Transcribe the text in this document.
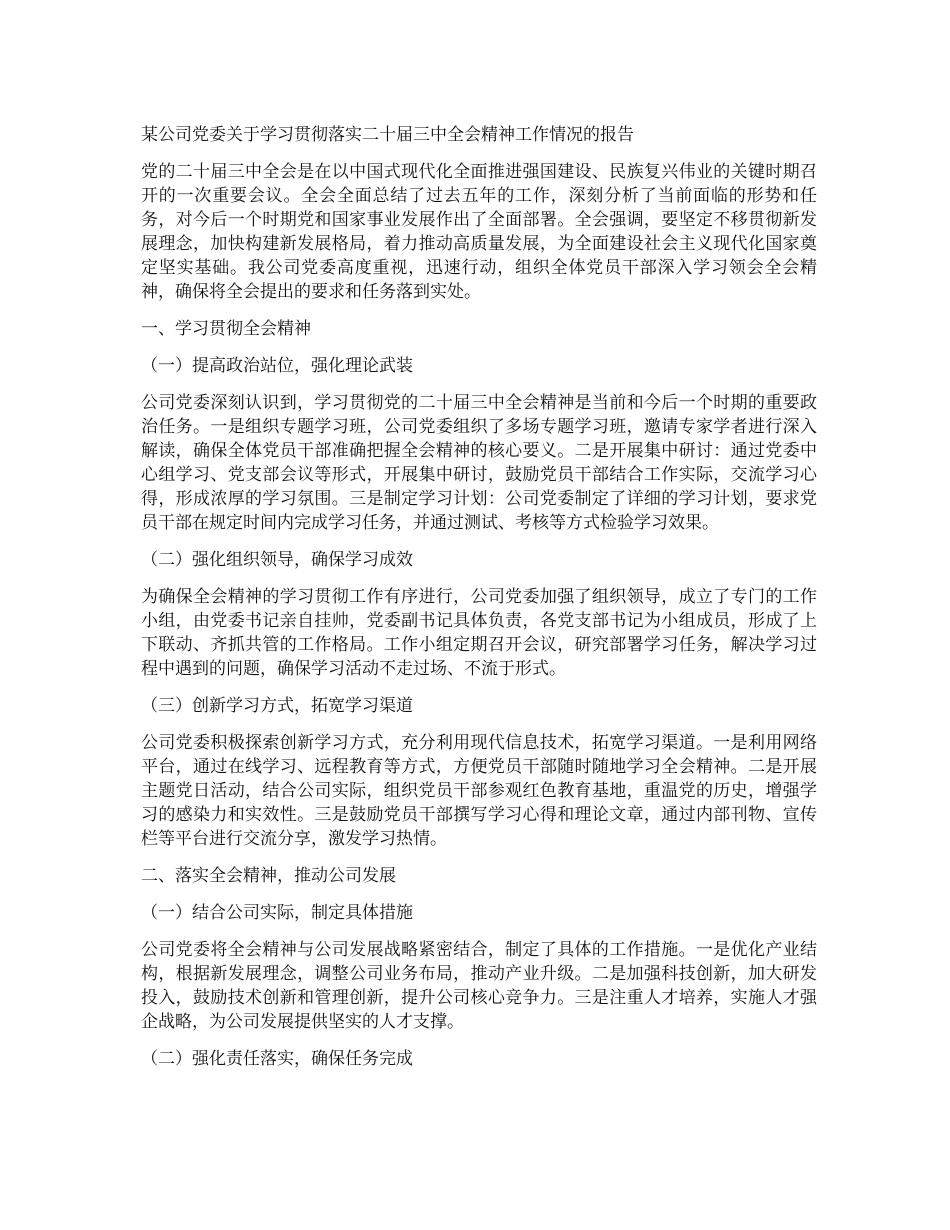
某公司党委关于学习贯彻落实二十届三中全会精神工作情况的报告
党的二十届三中全会是在以中国式现代化全面推进强国建设、民族复兴伟业的关键时期召开的一次重要会议。全会全面总结了过去五年的工作，深刻分析了当前面临的形势和任务，对今后一个时期党和国家事业发展作出了全面部署。全会强调，要坚定不移贯彻新发展理念，加快构建新发展格局，着力推动高质量发展，为全面建设社会主义现代化国家奠定坚实基础。我公司党委高度重视，迅速行动，组织全体党员干部深入学习领会全会精神，确保将全会提出的要求和任务落到实处。
一、学习贯彻全会精神
（一）提高政治站位，强化理论武装
公司党委深刻认识到，学习贯彻党的二十届三中全会精神是当前和今后一个时期的重要政治任务。一是组织专题学习班，公司党委组织了多场专题学习班，邀请专家学者进行深入解读，确保全体党员干部准确把握全会精神的核心要义。二是开展集中研讨：通过党委中心组学习、党支部会议等形式，开展集中研讨，鼓励党员干部结合工作实际，交流学习心得，形成浓厚的学习氛围。三是制定学习计划：公司党委制定了详细的学习计划，要求党员干部在规定时间内完成学习任务，并通过测试、考核等方式检验学习效果。
（二）强化组织领导，确保学习成效
为确保全会精神的学习贯彻工作有序进行，公司党委加强了组织领导，成立了专门的工作小组，由党委书记亲自挂帅，党委副书记具体负责，各党支部书记为小组成员，形成了上下联动、齐抓共管的工作格局。工作小组定期召开会议，研究部署学习任务，解决学习过程中遇到的问题，确保学习活动不走过场、不流于形式。
（三）创新学习方式，拓宽学习渠道
公司党委积极探索创新学习方式，充分利用现代信息技术，拓宽学习渠道。一是利用网络平台，通过在线学习、远程教育等方式，方便党员干部随时随地学习全会精神。二是开展主题党日活动，结合公司实际，组织党员干部参观红色教育基地，重温党的历史，增强学习的感染力和实效性。三是鼓励党员干部撰写学习心得和理论文章，通过内部刊物、宣传栏等平台进行交流分享，激发学习热情。
二、落实全会精神，推动公司发展
（一）结合公司实际，制定具体措施
公司党委将全会精神与公司发展战略紧密结合，制定了具体的工作措施。一是优化产业结构，根据新发展理念，调整公司业务布局，推动产业升级。二是加强科技创新，加大研发投入，鼓励技术创新和管理创新，提升公司核心竞争力。三是注重人才培养，实施人才强企战略，为公司发展提供坚实的人才支撑。
（二）强化责任落实，确保任务完成
